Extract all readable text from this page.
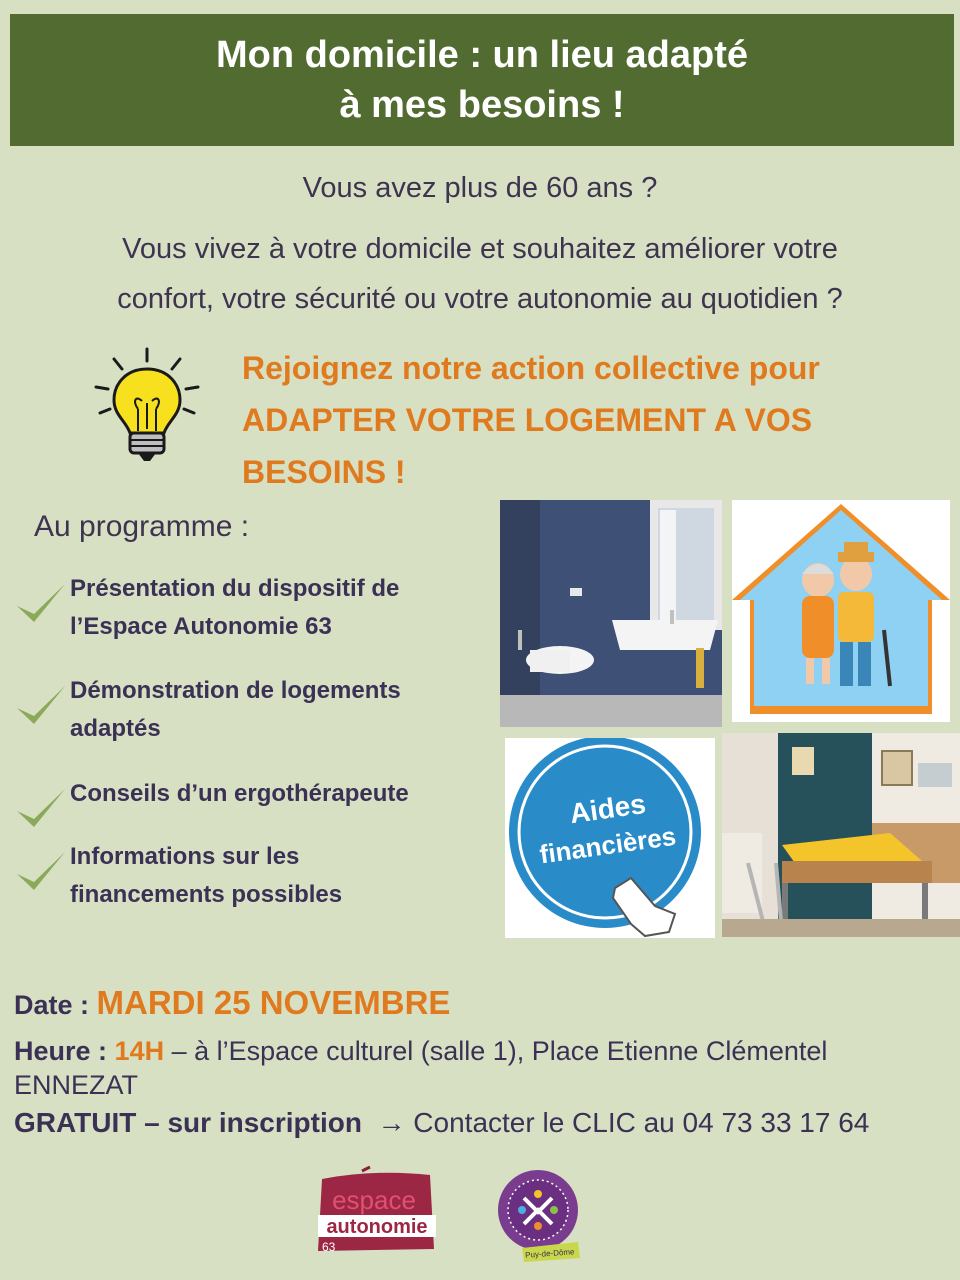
Mon domicile : un lieu adapté
à mes besoins !
Vous avez plus de 60 ans ?
Vous vivez à votre domicile et souhaitez améliorer votre
confort, votre sécurité ou votre autonomie au quotidien ?
Rejoignez notre action collective pour
ADAPTER VOTRE LOGEMENT A VOS
BESOINS !
Au programme :
Présentation du dispositif de
l’Espace Autonomie 63
Démonstration de logements
adaptés
Conseils d’un ergothérapeute
Informations sur les
financements possibles
Aides
financières
Date : MARDI 25 NOVEMBRE
Heure : 14H – à l’Espace culturel (salle 1), Place Etienne Clémentel
ENNEZAT
GRATUIT – sur inscription → Contacter le CLIC au 04 73 33 17 64
espace
autonomie
63	Puy-de-Dôme
